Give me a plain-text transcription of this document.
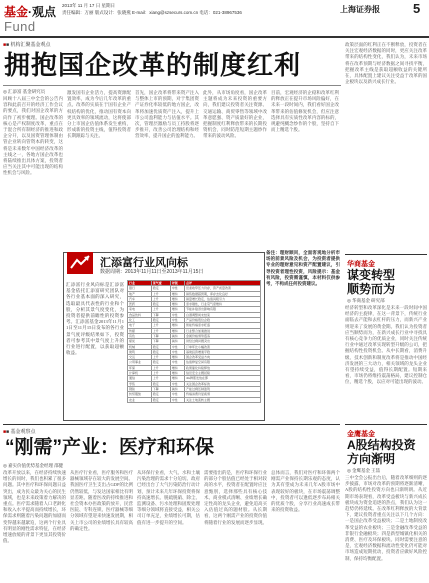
基金·观点
Fund
2013年 11 月 17 日 星期日
责任编辑：万丽 版式设计：张晓燕 E-mail：xiang@szsecurs.com.cn 电话：021-38967536	上海证券报	5
■■ 机构汇聚基金观点
拥抱国企改革的制度红利
◎ 汇添富 基金研究员
回顾十八届三中全会的公告内容和此前召开的经济工作会议的要点，我们对国企改革的方向作了初步梳理。国企改革的核心是产权制度改革，重点在于混合所有制经济的推进和政企分开，以及国资管理体制由管企业转向管资本的转变，这将是未来数年中国经济改革的主线之一，各地方国企改革也将陆续推出具体方案，投资者应当关注其中可能出现的结构性机会与风险。
激发国有企业活力，提高资源配置效率，成为今后几年改革的重点。改革的实质在于国有企业产权结构的优化，推动国有资本向更具效率的领域流动，这将使部分上市国企估值体系发生重构，形成新的投资主线，值得投资者长期跟踪与关注。
首先，国企改革将带来资产注入与整体上市的预期，对于集团资产证券化率较低的地方国企，改革将加速优质资产注入，提升上市公司盈利能力与估值水平。其次，管理层激励与员工持股将逐步推开，改善公司治理结构和经营效率，提升国企的盈利能力。
此外，从市场角度看，国企改革主题将成为未来投资的重要方向，我们建议投资者关注资源、交通运输、商贸零售等领域中改革意愿强、资产质量好的企业，把握制度红利释放带来的长期投资机会，同时防范短期主题炒作带来的波动风险。
目前，宏观经济的企稳和改革红利的释放正在提升市场风险偏好，在未来一段时间内，我们看好国企改革带来的估值修复机会，但应注意选择具有实质性改革内容的标的，规避纯概念炒作的个股，坚持自下而上精选个股。
汇添富行业风向标
数据周期：2013年11月11日至2013年11月15日
汇添富行业风向标是汇添富基金依托汇添富研究团队对各行业基本面的深入研究，选取最具代表性的行业和个股，分析其景气度变化，为投资者提供前瞻性的投资参考。汇添富基金2013年11月11日至11月15日发布的各行业景气度评级结果如下，投资者可参考其中景气度上升的行业进行配置，以获取超额收益。
行业	景气度	评级	点评
银行	稳定	中性	息差收窄压力仍存，资产质量改善
地产	上升	增持	销售数据超预期，库存去化良好
汽车	上升	增持	销量增长稳定，估值具吸引力
医药	稳定	增持	需求刚性，行业景气度维持
家电	上升	增持	节能补贴退出影响有限
食品饮料	下降	中性	白酒调整尚未结束
化工	稳定	中性	产品价格低位企稳
电子	上升	增持	智能终端需求旺盛
传媒	上升	增持	行业整合加速推进
有色	下降	减持	金属价格弱势震荡
煤炭	下降	减持	供给过剩问题突出
机械	稳定	中性	订单环比小幅改善
建筑	稳定	中性	基建投资增速平稳
交运	上升	增持	国企改革受益方向
公用事业	稳定	中性	估值修复空间有限
环保	上升	增持	政策催化持续释放
计算机	上升	增持	信息安全主题延续
通信	上升	增持	4G牌照发放在即
零售	稳定	中性	关注国企改革标的
钢铁	下降	减持	产能过剩压制盈利
纺织服装	稳定	中性	终端消费仍显疲弱
农业	稳定	中性	关注土地流转主题
备注：理财顾问，全面客观地分析市场的前景风险及机会，为投资者提供专业的理财意见和资产配置建议，引导投资者理性投资，风险提示：基金有风险，投资需谨慎，本材料仅供参考，不构成任何投资建议。
政策层面的红利正在不断释放，投资者在关注宏观经济数据的同时，更应关注改革带来的结构性变化，我们认为，未来市场将在改革预期与经济数据之间寻找平衡，把握改革主线是获取超额收益的关键所在，具体配置上建议关注受益于改革的国企板块以及新兴成长行业。
华商基金
谋变转型
顺势而为
◎ 华商基金 研究部
经济转型和改革深化是未来一段时间中国经济的主旋律，在这一背景下，传统行业面临去产能和去杠杆的压力，而新兴产业则迎来了发展的黄金期。我们认为投资者应当顺势而为，在新兴成长行业中寻找具有核心竞争力的优质企业，同时关注传统行业中通过改革实现转型升级的公司，把握结构性投资机会。从中长期看，消费升级、技术创新和制度改革将是推动中国经济发展的三大动力，相关领域的龙头企业有望持续受益，值得长期配置。短期来看，市场仍将维持震荡格局，建议控制仓位，精选个股，以应对可能出现的波动。
金鹰基金
A股结构投资
方向渐明
◎ 金鹰基金 王喆
三中全会公报出台后，随着改革细则的逐步披露，市场对改革的预期将逐渐清晰，A股的结构性投资方向也日渐明朗。从近期市场表现看，改革受益板块与新兴成长板块成为资金追逐的热点，我们认为这一趋势仍将延续。在改革红利释放的大背景下，建议投资者重点关注以下几个方向：一是国企改革受益板块；二是土地制度改革受益的农业板块；三是金融改革受益的非银行金融板块；四是新型城镇化相关的消费、医疗及环保板块。同时需要注意的是，宏观经济数据和流动性变化仍可能对市场造成短期扰动，投资者应做好风险控制，保持均衡配置。
■■ 基金观察点
“刚需”产业：医疗和环保
◎ 嘉实价值优势基金经理 邵健
改革开放以来，在经济持续快速增长的同时，我们也积累了很多问题。其中医疗和环保问题日益突出，成为民众最为关心的民生领域，也是未来政策着力解决的重点。医疗需求随着人口老龄化和收入水平提高而持续增长，环保需求则随着污染问题的加剧而变得越来越紧迫，这两个行业具有明显的刚性需求特征，在经济增速放缓的背景下更显其投资价值。
从医疗行业看，医疗服务和医疗器械领域存在较大的发展空间。我国医疗卫生支出占GDP的比例仍然较低，与发达国家相比有明显差距。随着医改的持续推进和社会资本办医政策的放开，民营医院、专科连锁、医疗器械等细分领域有望迎来快速发展期，相关上市公司的业绩增长具有较高的确定性。
从环保行业看，大气、水和土壤污染治理的需求十分迫切。政府已经出台了大气污染防治行动计划，预计未来几年环保投资将保持高速增长。脱硫脱硝、除尘、监测设备、污水处理和固废处理等细分领域将直接受益，相关公司订单充足，业绩增长可期，估值有进一步提升的空间。
需要指出的是，医疗和环保行业的部分个股估值已经处于相对较高的水平，投资者在配置时应注意甄别，选择那些具有核心技术、商业模式清晰、业绩增长确定性高的龙头企业，避免追高买入估值过高的题材股。从长期看，这两个刚需产业的投资价值将随着行业的发展而逐步显现。
总体而言，我们对医疗和环保两个刚需产业保持长期乐观的态度，认为其有望成为未来几年A股市场中表现较好的板块，在市场震荡调整中，投资者可以逢低逐步布局相关的优质个股，分享行业高速成长带来的投资收益。
